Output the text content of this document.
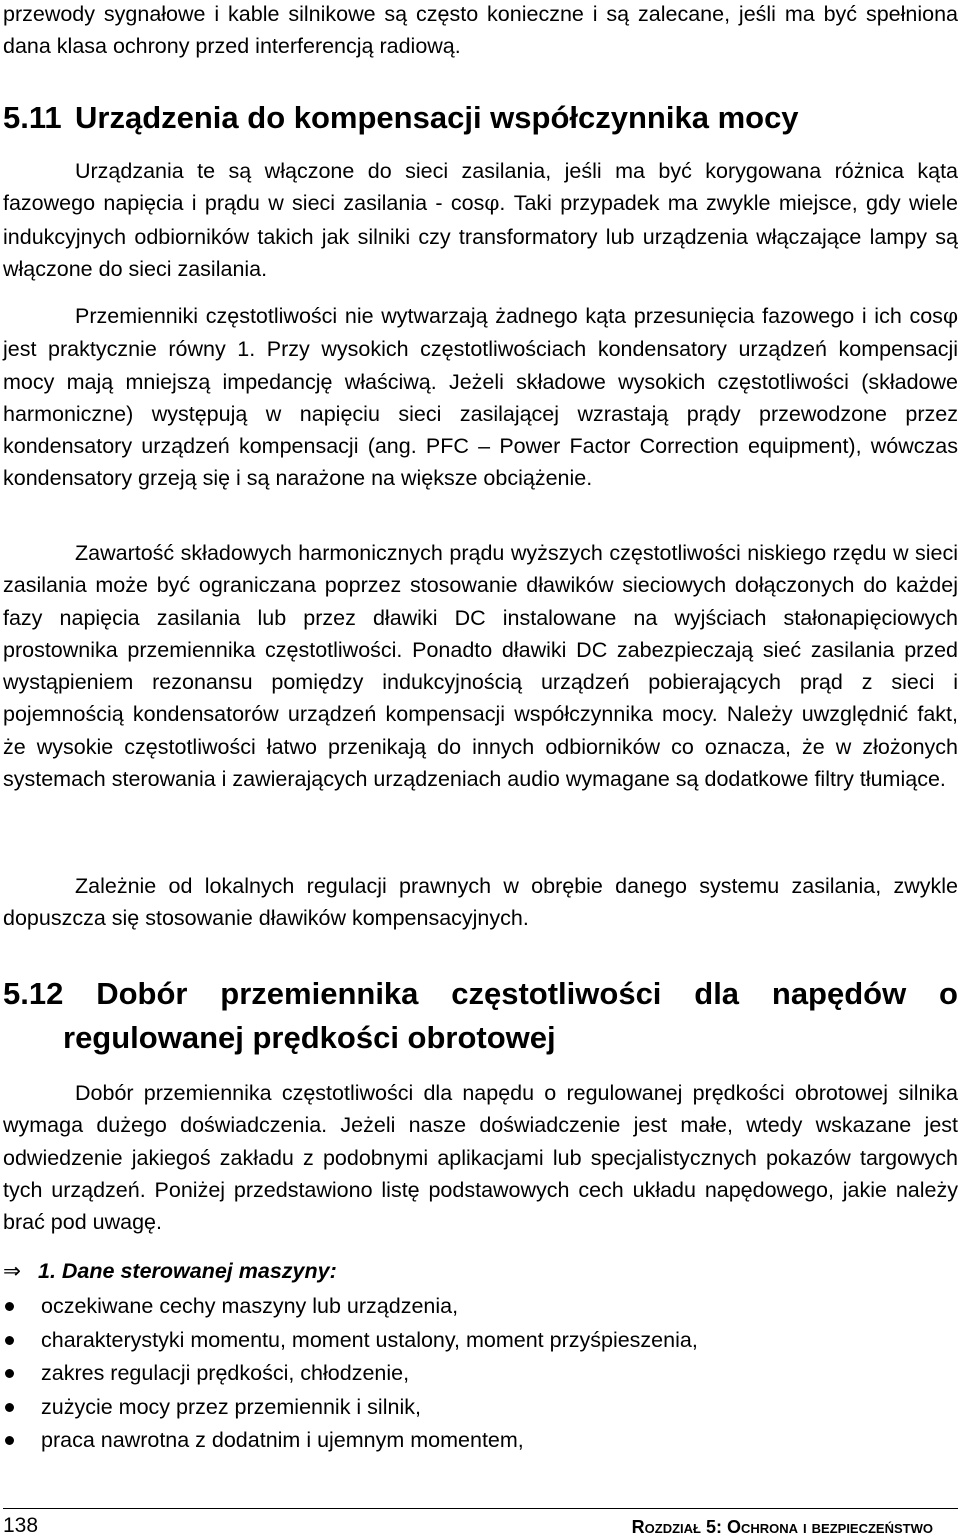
przewody sygnałowe i kable silnikowe są często konieczne i są zalecane, jeśli ma być spełniona dana klasa ochrony przed interferencją radiową.

5.11 Urządzenia do kompensacji współczynnika mocy

Urządzania te są włączone do sieci zasilania, jeśli ma być korygowana różnica kąta fazowego napięcia i prądu w sieci zasilania - cosφ. Taki przypadek ma zwykle miejsce, gdy wiele indukcyjnych odbiorników takich jak silniki czy transformatory lub urządzenia włączające lampy są włączone do sieci zasilania.

Przemienniki częstotliwości nie wytwarzają żadnego kąta przesunięcia fazowego i ich cosφ jest praktycznie równy 1. Przy wysokich częstotliwościach kondensatory urządzeń kompensacji mocy mają mniejszą impedancję właściwą. Jeżeli składowe wysokich częstotliwości (składowe harmoniczne) występują w napięciu sieci zasilającej wzrastają prądy przewodzone przez kondensatory urządzeń kompensacji (ang. PFC – Power Factor Correction equipment), wówczas kondensatory grzeją się i są narażone na większe obciążenie.

Zawartość składowych harmonicznych prądu wyższych częstotliwości niskiego rzędu w sieci zasilania może być ograniczana poprzez stosowanie dławików sieciowych dołączonych do każdej fazy napięcia zasilania lub przez dławiki DC instalowane na wyjściach stałonapięciowych prostownika przemiennika częstotliwości. Ponadto dławiki DC zabezpieczają sieć zasilania przed wystąpieniem rezonansu pomiędzy indukcyjnością urządzeń pobierających prąd z sieci i pojemnością kondensatorów urządzeń kompensacji współczynnika mocy. Należy uwzględnić fakt, że wysokie częstotliwości łatwo przenikają do innych odbiorników co oznacza, że w złożonych systemach sterowania i zawierających urządzeniach audio wymagane są dodatkowe filtry tłumiące.

Zależnie od lokalnych regulacji prawnych w obrębie danego systemu zasilania, zwykle dopuszcza się stosowanie dławików kompensacyjnych.

5.12 Dobór przemiennika częstotliwości dla napędów o regulowanej prędkości obrotowej

Dobór przemiennika częstotliwości dla napędu o regulowanej prędkości obrotowej silnika wymaga dużego doświadczenia. Jeżeli nasze doświadczenie jest małe, wtedy wskazane jest odwiedzenie jakiegoś zakładu z podobnymi aplikacjami lub specjalistycznych pokazów targowych tych urządzeń. Poniżej przedstawiono listę podstawowych cech układu napędowego, jakie należy brać pod uwagę.

⇒ 1. Dane sterowanej maszyny:
oczekiwane cechy maszyny lub urządzenia,
charakterystyki momentu, moment ustalony, moment przyśpieszenia,
zakres regulacji prędkości, chłodzenie,
zużycie mocy przez przemiennik i silnik,
praca nawrotna z dodatnim i ujemnym momentem,
138	Rozdział 5: Ochrona i bezpieczeństwo
